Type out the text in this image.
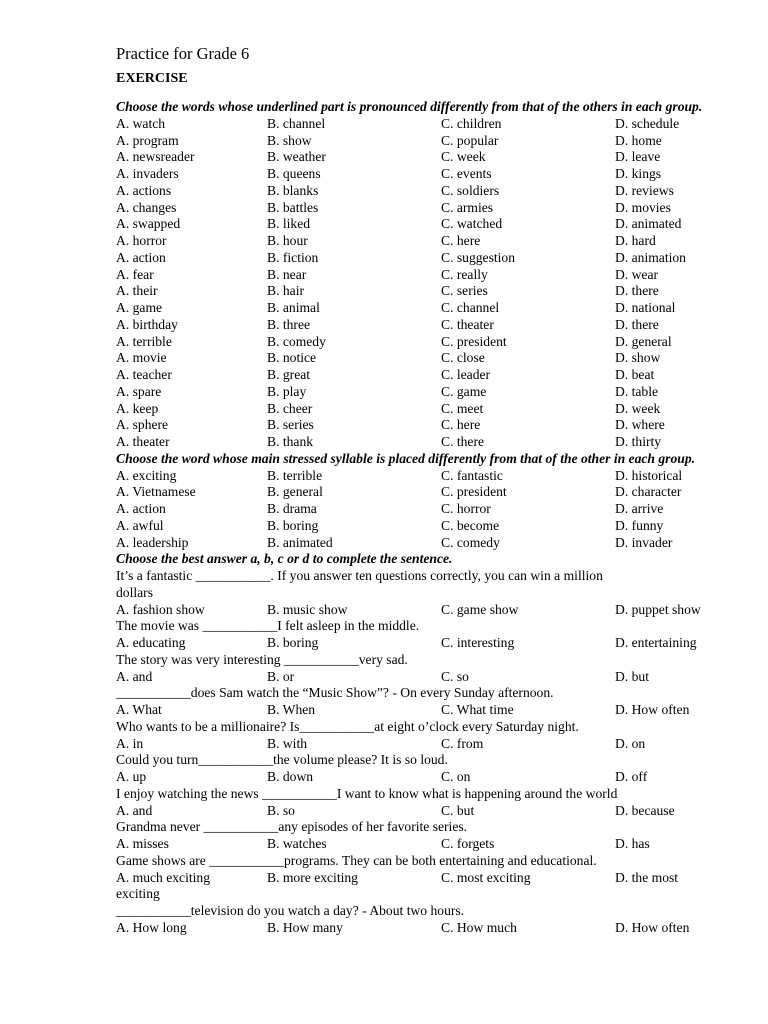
Practice for Grade 6
EXERCISE
Choose the words whose underlined part is pronounced differently from that of the others in each group.
A. watch	B. channel	C. children	D. schedule
A. program	B. show	C. popular	D. home
A. newsreader	B. weather	C. week	D. leave
A. invaders	B. queens	C. events	D. kings
A. actions	B. blanks	C. soldiers	D. reviews
A. changes	B. battles	C. armies	D. movies
A. swapped	B. liked	C. watched	D. animated
A. horror	B. hour	C. here	D. hard
A. action	B. fiction	C. suggestion	D. animation
A. fear	B. near	C. really	D. wear
A. their	B. hair	C. series	D. there
A. game	B. animal	C. channel	D. national
A. birthday	B. three	C. theater	D. there
A. terrible	B. comedy	C. president	D. general
A. movie	B. notice	C. close	D. show
A. teacher	B. great	C. leader	D. beat
A. spare	B. play	C. game	D. table
A. keep	B. cheer	C. meet	D. week
A. sphere	B. series	C. here	D. where
A. theater	B. thank	C. there	D. thirty
Choose the word whose main stressed syllable is placed differently from that of the other in each group.
A. exciting	B. terrible	C. fantastic	D. historical
A. Vietnamese	B. general	C. president	D. character
A. action	B. drama	C. horror	D. arrive
A. awful	B. boring	C. become	D. funny
A. leadership	B. animated	C. comedy	D. invader
Choose the best answer a, b, c or d to complete the sentence.
It’s a fantastic ___________. If you answer ten questions correctly, you can win a million
dollars
A. fashion show	B. music show	C. game show	D. puppet show
The movie was ___________I felt asleep in the middle.
A. educating	B. boring	C. interesting	D. entertaining
The story was very interesting ___________very sad.
A. and	B. or	C. so	D. but
___________does Sam watch the “Music Show”? - On every Sunday afternoon.
A. What	B. When	C. What time	D. How often
Who wants to be a millionaire? Is___________at eight o’clock every Saturday night.
A. in	B. with	C. from	D. on
Could you turn___________the volume please? It is so loud.
A. up	B. down	C. on	D. off
I enjoy watching the news ___________I want to know what is happening around the world
A. and	B. so	C. but	D. because
Grandma never ___________any episodes of her favorite series.
A. misses	B. watches	C. forgets	D. has
Game shows are ___________programs. They can be both entertaining and educational.
A. much exciting	B. more exciting	C. most exciting	D. the most
exciting
___________television do you watch a day? - About two hours.
A. How long	B. How many	C. How much	D. How often
